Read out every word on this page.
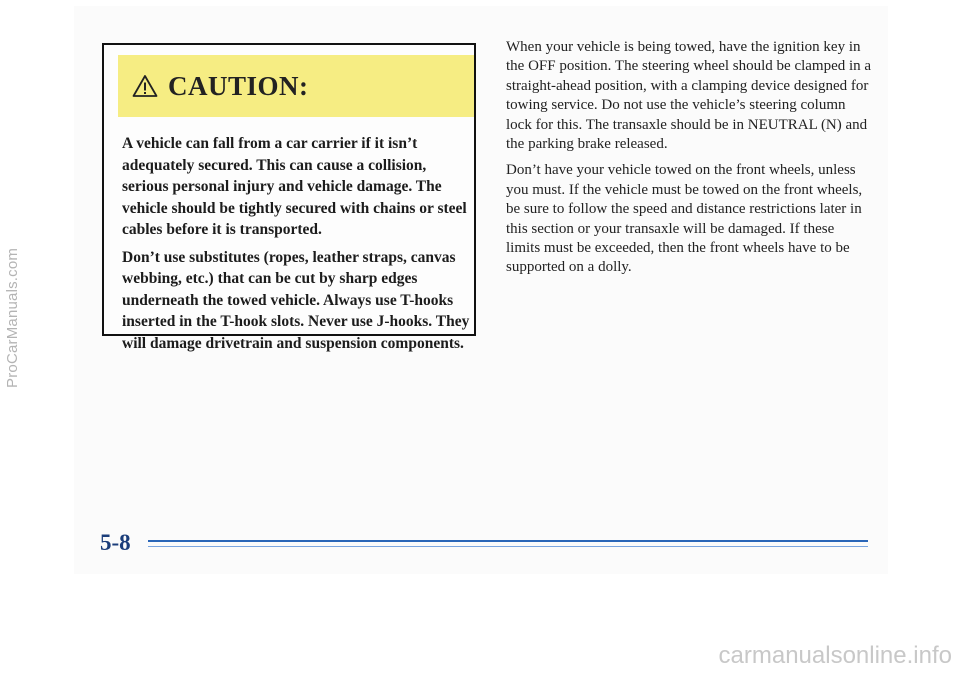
CAUTION:

A vehicle can fall from a car carrier if it isn’t adequately secured. This can cause a collision, serious personal injury and vehicle damage. The vehicle should be tightly secured with chains or steel cables before it is transported.

Don’t use substitutes (ropes, leather straps, canvas webbing, etc.) that can be cut by sharp edges underneath the towed vehicle. Always use T-hooks inserted in the T-hook slots. Never use J-hooks. They will damage drivetrain and suspension components.

When your vehicle is being towed, have the ignition key in the OFF position. The steering wheel should be clamped in a straight-ahead position, with a clamping device designed for towing service. Do not use the vehicle’s steering column lock for this. The transaxle should be in NEUTRAL (N) and the parking brake released.

Don’t have your vehicle towed on the front wheels, unless you must. If the vehicle must be towed on the front wheels, be sure to follow the speed and distance restrictions later in this section or your transaxle will be damaged. If these limits must be exceeded, then the front wheels have to be supported on a dolly.

5-8
ProCarManuals.com
carmanualsonline.info
